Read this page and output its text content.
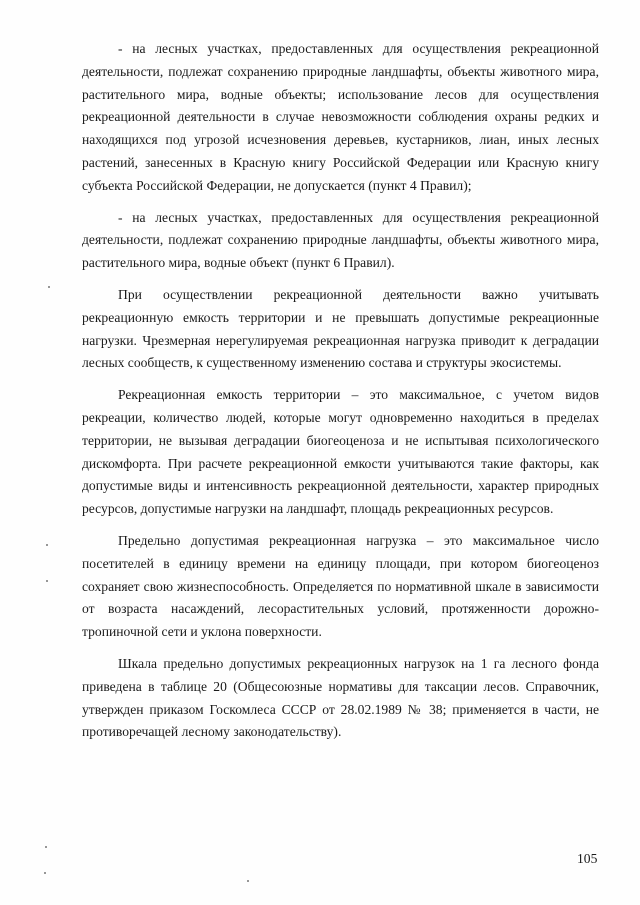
- на лесных участках, предоставленных для осуществления рекреационной деятельности, подлежат сохранению природные ландшафты, объекты животного мира, растительного мира, водные объекты; использование лесов для осуществления рекреационной деятельности в случае невозможности соблюдения охраны редких и находящихся под угрозой исчезновения деревьев, кустарников, лиан, иных лесных растений, занесенных в Красную книгу Российской Федерации или Красную книгу субъекта Российской Федерации, не допускается (пункт 4 Правил);

- на лесных участках, предоставленных для осуществления рекреационной деятельности, подлежат сохранению природные ландшафты, объекты животного мира, растительного мира, водные объект (пункт 6 Правил).

При осуществлении рекреационной деятельности важно учитывать рекреационную емкость территории и не превышать допустимые рекреационные нагрузки. Чрезмерная нерегулируемая рекреационная нагрузка приводит к деградации лесных сообществ, к существенному изменению состава и структуры экосистемы.

Рекреационная емкость территории – это максимальное, с учетом видов рекреации, количество людей, которые могут одновременно находиться в пределах территории, не вызывая деградации биогеоценоза и не испытывая психологического дискомфорта. При расчете рекреационной емкости учитываются такие факторы, как допустимые виды и интенсивность рекреационной деятельности, характер природных ресурсов, допустимые нагрузки на ландшафт, площадь рекреационных ресурсов.

Предельно допустимая рекреационная нагрузка – это максимальное число посетителей в единицу времени на единицу площади, при котором биогеоценоз сохраняет свою жизнеспособность. Определяется по нормативной шкале в зависимости от возраста насаждений, лесорастительных условий, протяженности дорожно-тропиночной сети и уклона поверхности.

Шкала предельно допустимых рекреационных нагрузок на 1 га лесного фонда приведена в таблице 20 (Общесоюзные нормативы для таксации лесов. Справочник, утвержден приказом Госкомлеса СССР от 28.02.1989 № 38; применяется в части, не противоречащей лесному законодательству).

105
